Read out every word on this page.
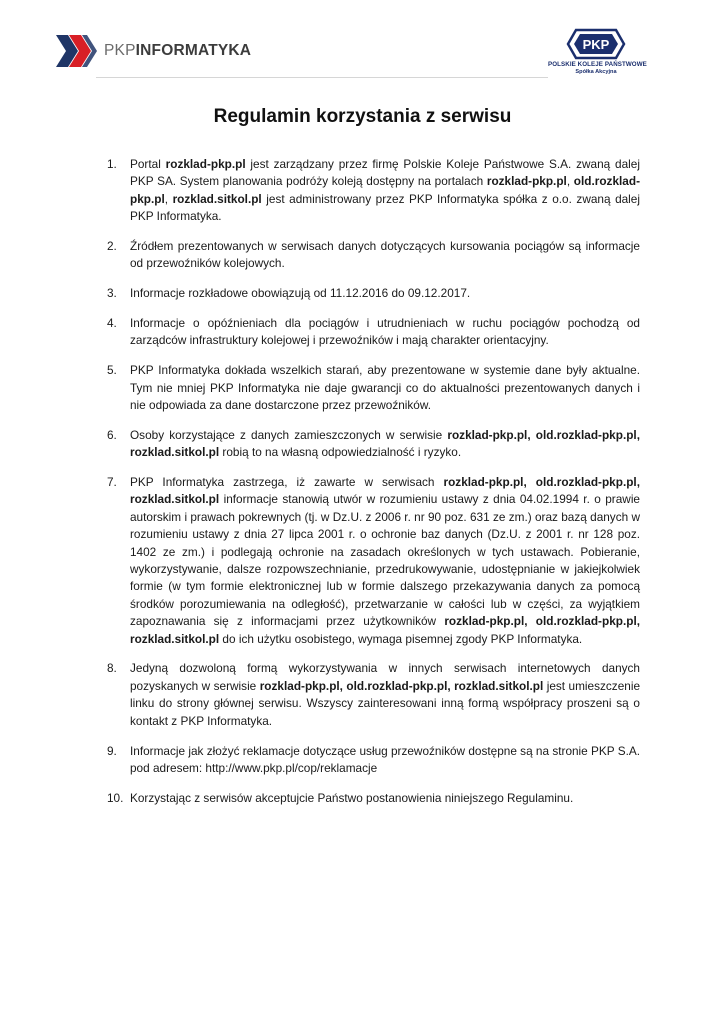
PKPINFORMATYKA	PKP
POLSKIE KOLEJE PAŃSTWOWE
Spółka Akcyjna
Regulamin korzystania z serwisu
1. Portal rozklad-pkp.pl jest zarządzany przez firmę Polskie Koleje Państwowe S.A. zwaną dalej PKP SA. System planowania podróży koleją dostępny na portalach rozklad-pkp.pl, old.rozklad-pkp.pl, rozklad.sitkol.pl jest administrowany przez PKP Informatyka spółka z o.o. zwaną dalej PKP Informatyka.
2. Źródłem prezentowanych w serwisach danych dotyczących kursowania pociągów są informacje od przewoźników kolejowych.
3. Informacje rozkładowe obowiązują od 11.12.2016 do 09.12.2017.
4. Informacje o opóźnieniach dla pociągów i utrudnieniach w ruchu pociągów pochodzą od zarządców infrastruktury kolejowej i przewoźników i mają charakter orientacyjny.
5. PKP Informatyka dokłada wszelkich starań, aby prezentowane w systemie dane były aktualne. Tym nie mniej PKP Informatyka nie daje gwarancji co do aktualności prezentowanych danych i nie odpowiada za dane dostarczone przez przewoźników.
6. Osoby korzystające z danych zamieszczonych w serwisie rozklad-pkp.pl, old.rozklad-pkp.pl, rozklad.sitkol.pl robią to na własną odpowiedzialność i ryzyko.
7. PKP Informatyka zastrzega, iż zawarte w serwisach rozklad-pkp.pl, old.rozklad-pkp.pl, rozklad.sitkol.pl informacje stanowią utwór w rozumieniu ustawy z dnia 04.02.1994 r. o prawie autorskim i prawach pokrewnych (tj. w Dz.U. z 2006 r. nr 90 poz. 631 ze zm.) oraz bazą danych w rozumieniu ustawy z dnia 27 lipca 2001 r. o ochronie baz danych (Dz.U. z 2001 r. nr 128 poz. 1402 ze zm.) i podlegają ochronie na zasadach określonych w tych ustawach. Pobieranie, wykorzystywanie, dalsze rozpowszechnianie, przedrukowywanie, udostępnianie w jakiejkolwiek formie (w tym formie elektronicznej lub w formie dalszego przekazywania danych za pomocą środków porozumiewania na odległość), przetwarzanie w całości lub w części, za wyjątkiem zapoznawania się z informacjami przez użytkowników rozklad-pkp.pl, old.rozklad-pkp.pl, rozklad.sitkol.pl do ich użytku osobistego, wymaga pisemnej zgody PKP Informatyka.
8. Jedyną dozwoloną formą wykorzystywania w innych serwisach internetowych danych pozyskanych w serwisie rozklad-pkp.pl, old.rozklad-pkp.pl, rozklad.sitkol.pl jest umieszczenie linku do strony głównej serwisu. Wszyscy zainteresowani inną formą współpracy proszeni są o kontakt z PKP Informatyka.
9. Informacje jak złożyć reklamacje dotyczące usług przewoźników dostępne są na stronie PKP S.A. pod adresem: http://www.pkp.pl/cop/reklamacje
10. Korzystając z serwisów akceptujcie Państwo postanowienia niniejszego Regulaminu.
